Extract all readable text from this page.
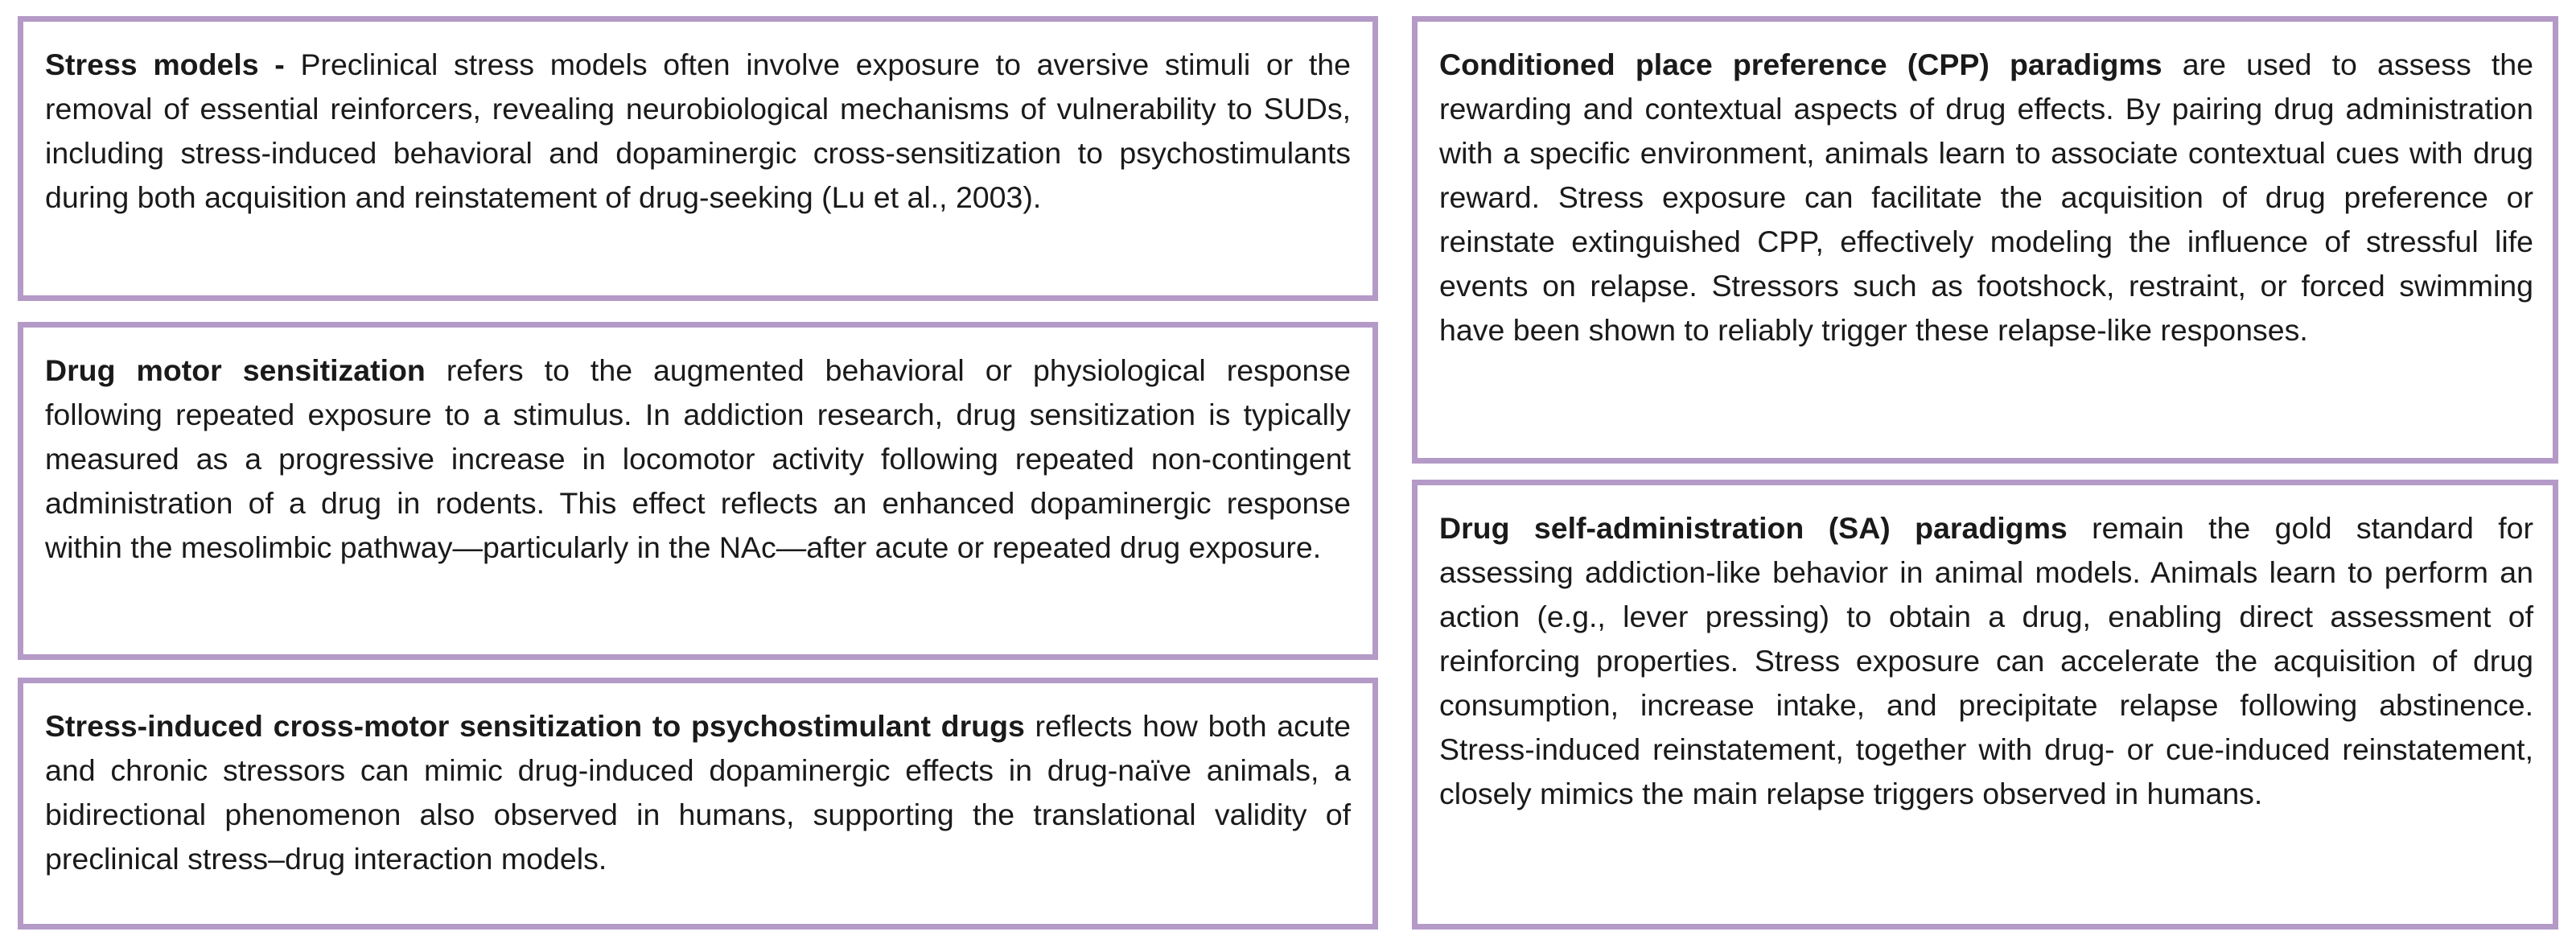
Stress models - Preclinical stress models often involve exposure to aversive stimuli or the removal of essential reinforcers, revealing neurobiological mechanisms of vulnerability to SUDs, including stress-induced behavioral and dopaminergic cross-sensitization to psychostimulants during both acquisition and reinstatement of drug-seeking (Lu et al., 2003).
Drug motor sensitization refers to the augmented behavioral or physiological response following repeated exposure to a stimulus. In addiction research, drug sensitization is typically measured as a progressive increase in locomotor activity following repeated non-contingent administration of a drug in rodents. This effect reflects an enhanced dopaminergic response within the mesolimbic pathway—particularly in the NAc—after acute or repeated drug exposure.
Stress-induced cross-motor sensitization to psychostimulant drugs reflects how both acute and chronic stressors can mimic drug-induced dopaminergic effects in drug-naïve animals, a bidirectional phenomenon also observed in humans, supporting the translational validity of preclinical stress–drug interaction models.
Conditioned place preference (CPP) paradigms are used to assess the rewarding and contextual aspects of drug effects. By pairing drug administration with a specific environment, animals learn to associate contextual cues with drug reward. Stress exposure can facilitate the acquisition of drug preference or reinstate extinguished CPP, effectively modeling the influence of stressful life events on relapse. Stressors such as footshock, restraint, or forced swimming have been shown to reliably trigger these relapse-like responses.
Drug self-administration (SA) paradigms remain the gold standard for assessing addiction-like behavior in animal models. Animals learn to perform an action (e.g., lever pressing) to obtain a drug, enabling direct assessment of reinforcing properties. Stress exposure can accelerate the acquisition of drug consumption, increase intake, and precipitate relapse following abstinence. Stress-induced reinstatement, together with drug- or cue-induced reinstatement, closely mimics the main relapse triggers observed in humans.
